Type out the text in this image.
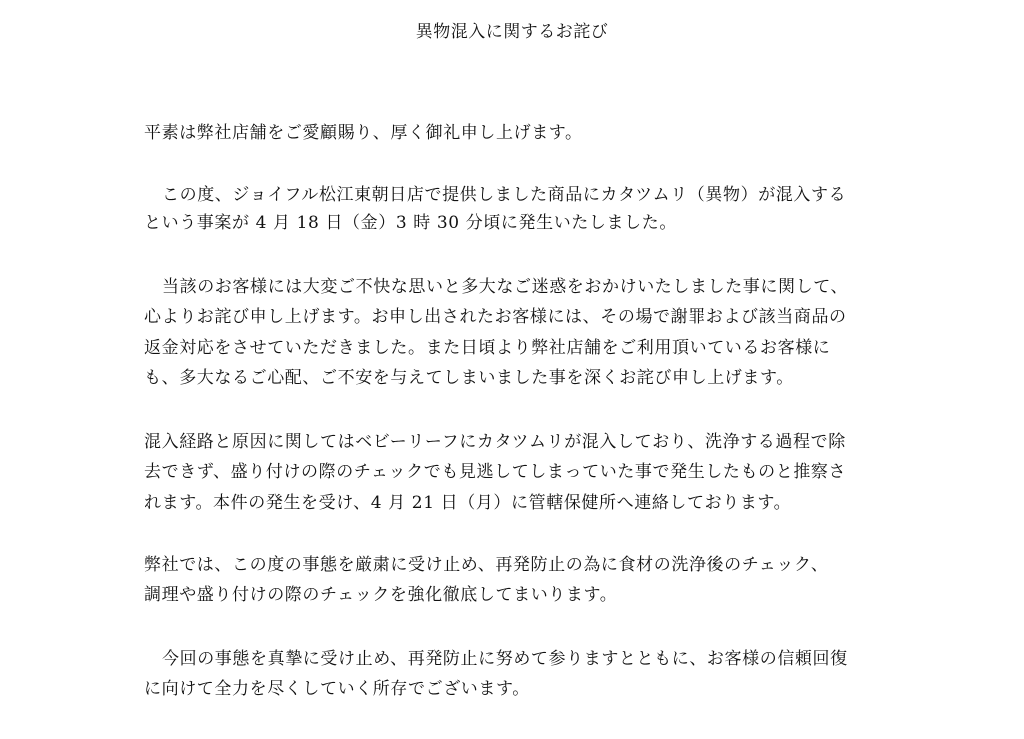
異物混入に関するお詫び
平素は弊社店舗をご愛顧賜り、厚く御礼申し上げます。
この度、ジョイフル松江東朝日店で提供しました商品にカタツムリ（異物）が混入する
という事案が 4 月 18 日（金）3 時 30 分頃に発生いたしました。
当該のお客様には大変ご不快な思いと多大なご迷惑をおかけいたしました事に関して、
心よりお詫び申し上げます。お申し出されたお客様には、その場で謝罪および該当商品の
返金対応をさせていただきました。また日頃より弊社店舗をご利用頂いているお客様に
も、多大なるご心配、ご不安を与えてしまいました事を深くお詫び申し上げます。
混入経路と原因に関してはベビーリーフにカタツムリが混入しており、洗浄する過程で除
去できず、盛り付けの際のチェックでも見逃してしまっていた事で発生したものと推察さ
れます。本件の発生を受け、4 月 21 日（月）に管轄保健所へ連絡しております。
弊社では、この度の事態を厳粛に受け止め、再発防止の為に食材の洗浄後のチェック、
調理や盛り付けの際のチェックを強化徹底してまいります。
今回の事態を真摯に受け止め、再発防止に努めて参りますとともに、お客様の信頼回復
に向けて全力を尽くしていく所存でございます。
